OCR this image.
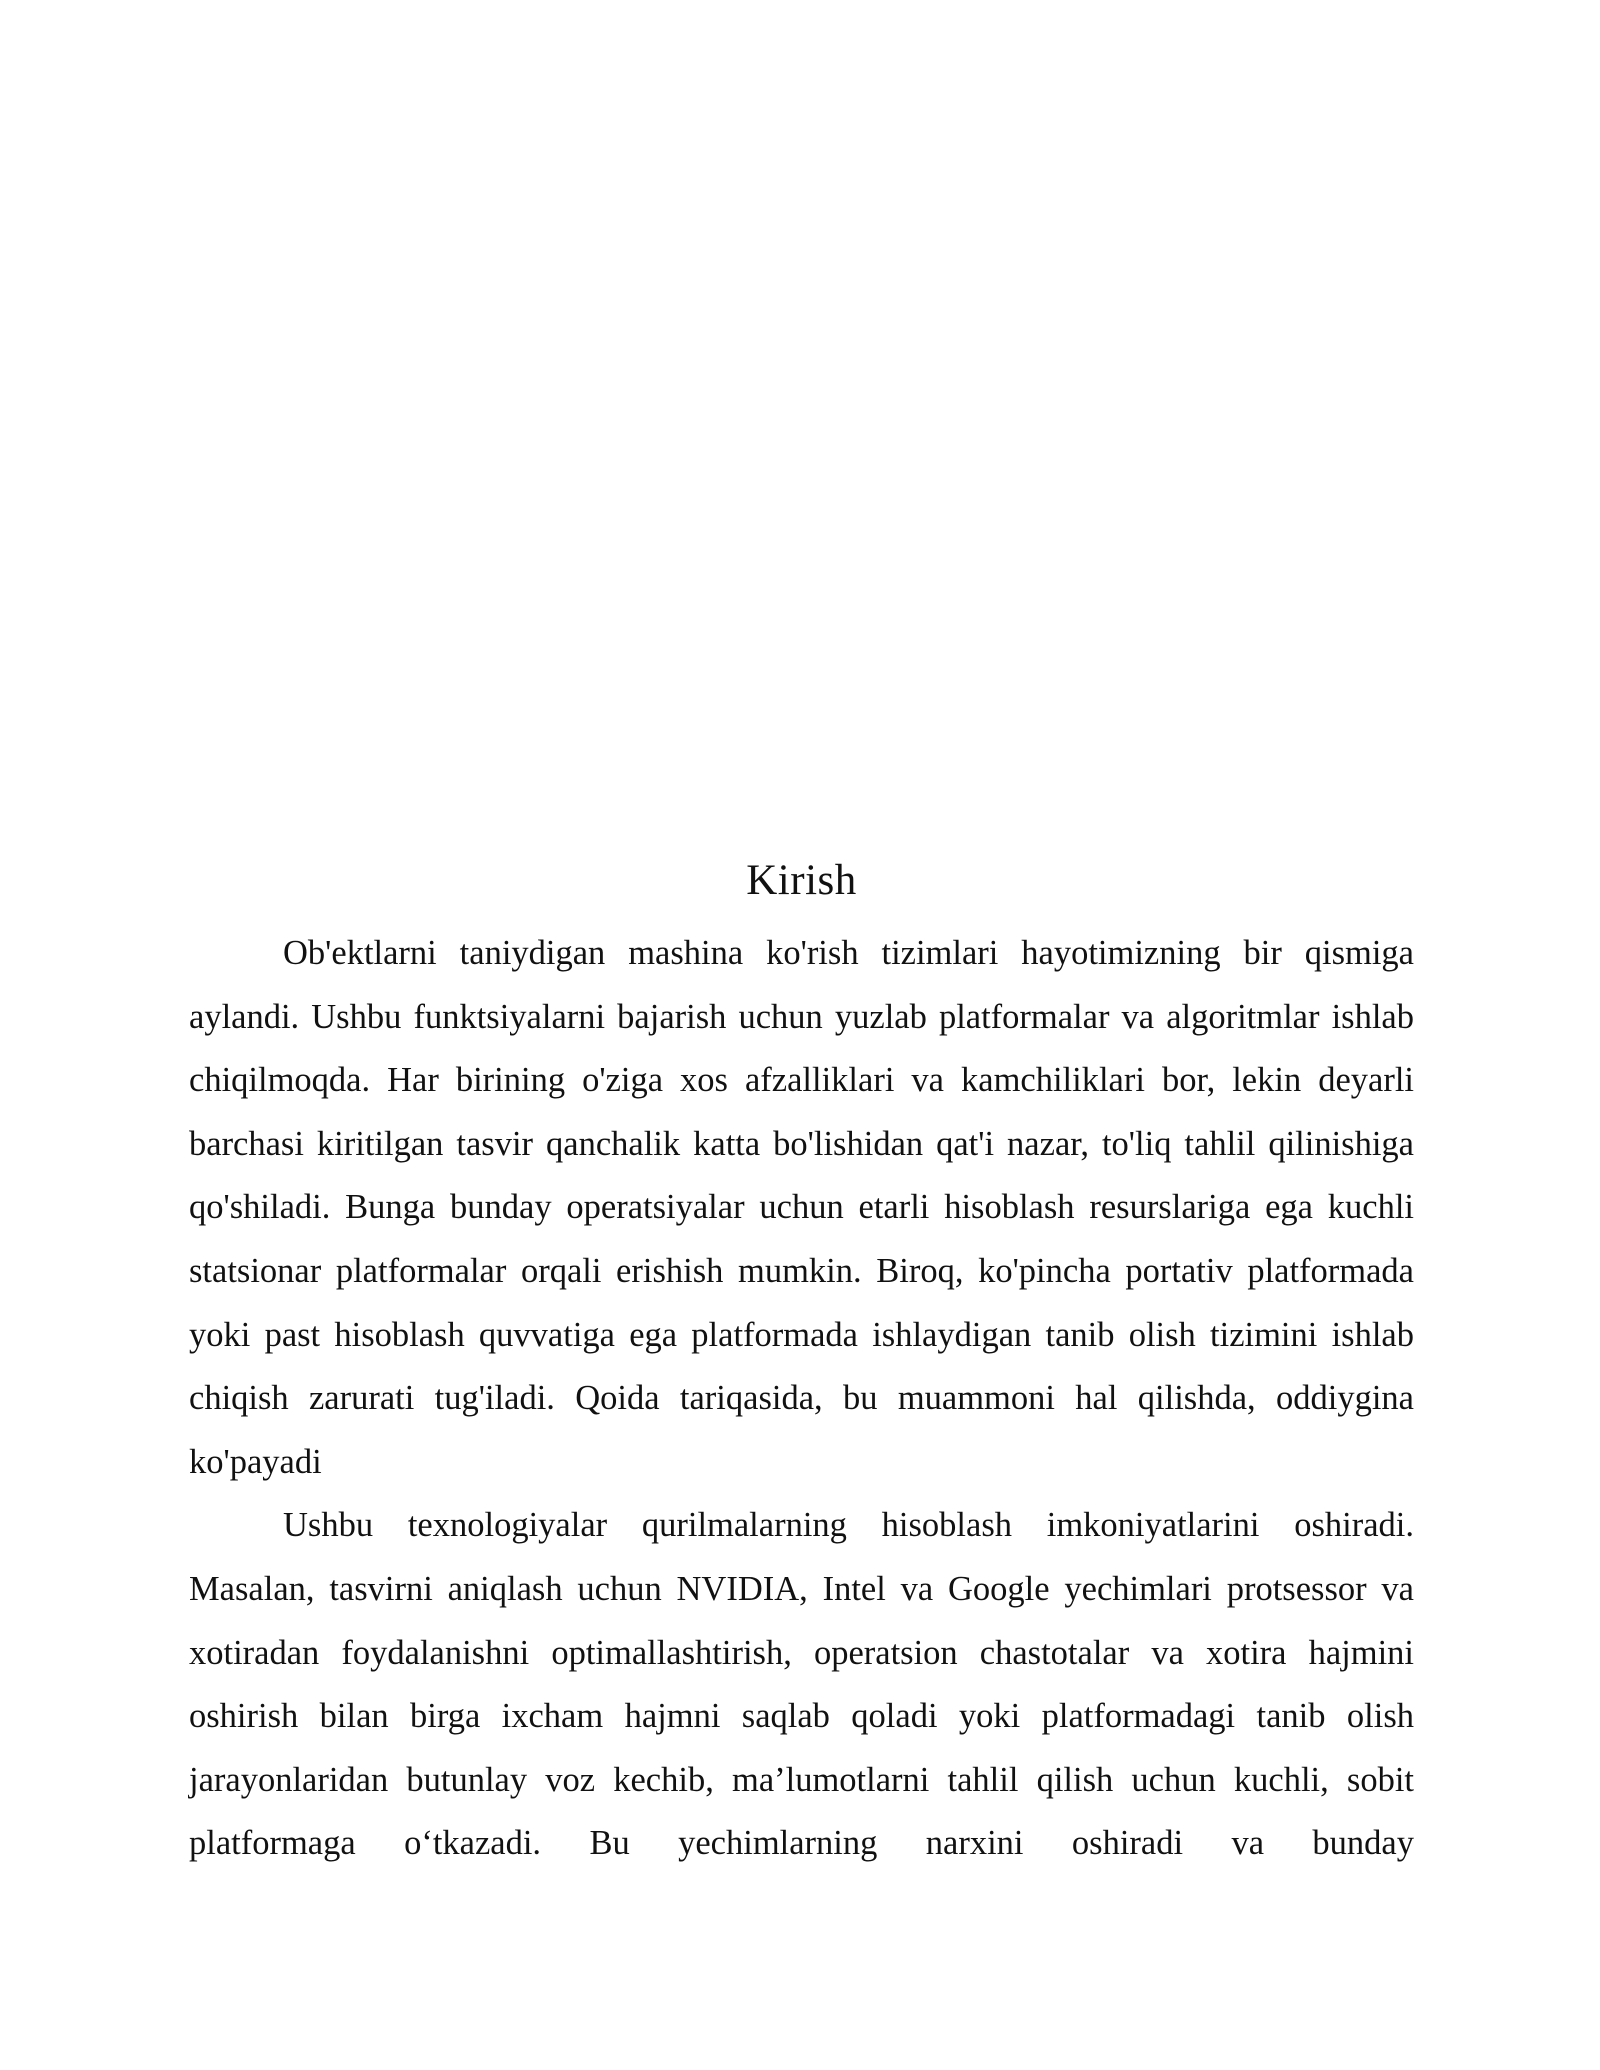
Kirish

Ob'ektlarni taniydigan mashina ko'rish tizimlari hayotimizning bir qismiga aylandi. Ushbu funktsiyalarni bajarish uchun yuzlab platformalar va algoritmlar ishlab chiqilmoqda. Har birining o'ziga xos afzalliklari va kamchiliklari bor, lekin deyarli barchasi kiritilgan tasvir qanchalik katta bo'lishidan qat'i nazar, to'liq tahlil qilinishiga qo'shiladi. Bunga bunday operatsiyalar uchun etarli hisoblash resurslariga ega kuchli statsionar platformalar orqali erishish mumkin. Biroq, ko'pincha portativ platformada yoki past hisoblash quvvatiga ega platformada ishlaydigan tanib olish tizimini ishlab chiqish zarurati tug'iladi. Qoida tariqasida, bu muammoni hal qilishda, oddiygina ko'payadi

Ushbu texnologiyalar qurilmalarning hisoblash imkoniyatlarini oshiradi. Masalan, tasvirni aniqlash uchun NVIDIA, Intel va Google yechimlari protsessor va xotiradan foydalanishni optimallashtirish, operatsion chastotalar va xotira hajmini oshirish bilan birga ixcham hajmni saqlab qoladi yoki platformadagi tanib olish jarayonlaridan butunlay voz kechib, ma’lumotlarni tahlil qilish uchun kuchli, sobit platformaga o‘tkazadi. Bu yechimlarning narxini oshiradi va bunday
